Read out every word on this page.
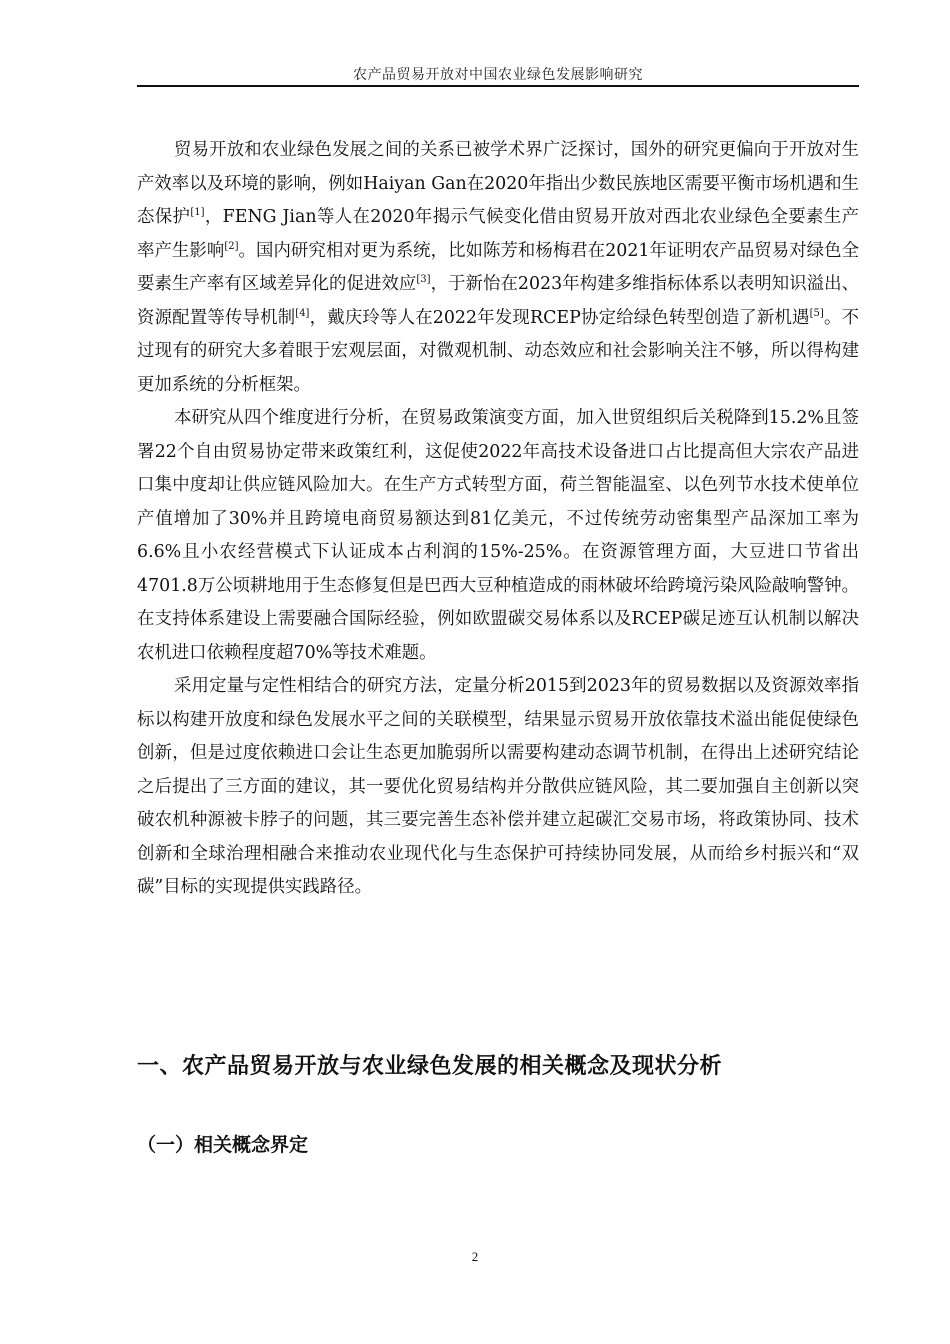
农产品贸易开放对中国农业绿色发展影响研究

贸易开放和农业绿色发展之间的关系已被学术界广泛探讨，国外的研究更偏向于开放对生产效率以及环境的影响，例如Haiyan Gan在2020年指出少数民族地区需要平衡市场机遇和生态保护[1]，FENG Jian等人在2020年揭示气候变化借由贸易开放对西北农业绿色全要素生产率产生影响[2]。国内研究相对更为系统，比如陈芳和杨梅君在2021年证明农产品贸易对绿色全要素生产率有区域差异化的促进效应[3]，于新怡在2023年构建多维指标体系以表明知识溢出、资源配置等传导机制[4]，戴庆玲等人在2022年发现RCEP协定给绿色转型创造了新机遇[5]。不过现有的研究大多着眼于宏观层面，对微观机制、动态效应和社会影响关注不够，所以得构建更加系统的分析框架。

本研究从四个维度进行分析，在贸易政策演变方面，加入世贸组织后关税降到15.2%且签署22个自由贸易协定带来政策红利，这促使2022年高技术设备进口占比提高但大宗农产品进口集中度却让供应链风险加大。在生产方式转型方面，荷兰智能温室、以色列节水技术使单位产值增加了30%并且跨境电商贸易额达到81亿美元，不过传统劳动密集型产品深加工率为6.6%且小农经营模式下认证成本占利润的15%-25%。在资源管理方面，大豆进口节省出4701.8万公顷耕地用于生态修复但是巴西大豆种植造成的雨林破坏给跨境污染风险敲响警钟。在支持体系建设上需要融合国际经验，例如欧盟碳交易体系以及RCEP碳足迹互认机制以解决农机进口依赖程度超70%等技术难题。

采用定量与定性相结合的研究方法，定量分析2015到2023年的贸易数据以及资源效率指标以构建开放度和绿色发展水平之间的关联模型，结果显示贸易开放依靠技术溢出能促使绿色创新，但是过度依赖进口会让生态更加脆弱所以需要构建动态调节机制，在得出上述研究结论之后提出了三方面的建议，其一要优化贸易结构并分散供应链风险，其二要加强自主创新以突破农机种源被卡脖子的问题，其三要完善生态补偿并建立起碳汇交易市场，将政策协同、技术创新和全球治理相融合来推动农业现代化与生态保护可持续协同发展，从而给乡村振兴和“双碳”目标的实现提供实践路径。

一、农产品贸易开放与农业绿色发展的相关概念及现状分析
（一）相关概念界定
2
